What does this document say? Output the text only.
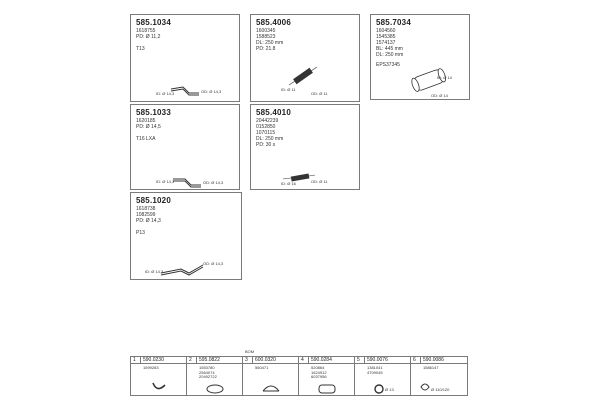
ID: Ø 14,3	OD: Ø 14,3
585.1034
1618755
PD: Ø 11,2
T13
ID: Ø 11
OD: Ø 11
585.4006
1600345
1588523
DL: 250 mm
PD: 21.8
ID: Ø 14
OD: Ø 14
585.7034
1604560
1545385
1574137
BL: 445 mm
DL: 250 mm
EPS37345
ID: Ø 14,3	OD: Ø 14,3
585.1033
1620185
PD: Ø 14,5
T16 LXA
ID: Ø 16	OD: Ø 11
585.4010
20442239
0152850
1070115
DL: 250 mm
PD: 30 s
ID: Ø 14,3
OD: Ø 14,3
585.1020
1618738
1082599
PD: Ø 14,3
P13
BOM
1 590.0230
1599283
2 595.0822
1553780
2564074
20492722
3 600.0320
560471
4 590.0284
520864
1624912
6037956
5 590.0076
1381041
4709045
Ø 13
6 590.0086
1586147
Ø 110/120
